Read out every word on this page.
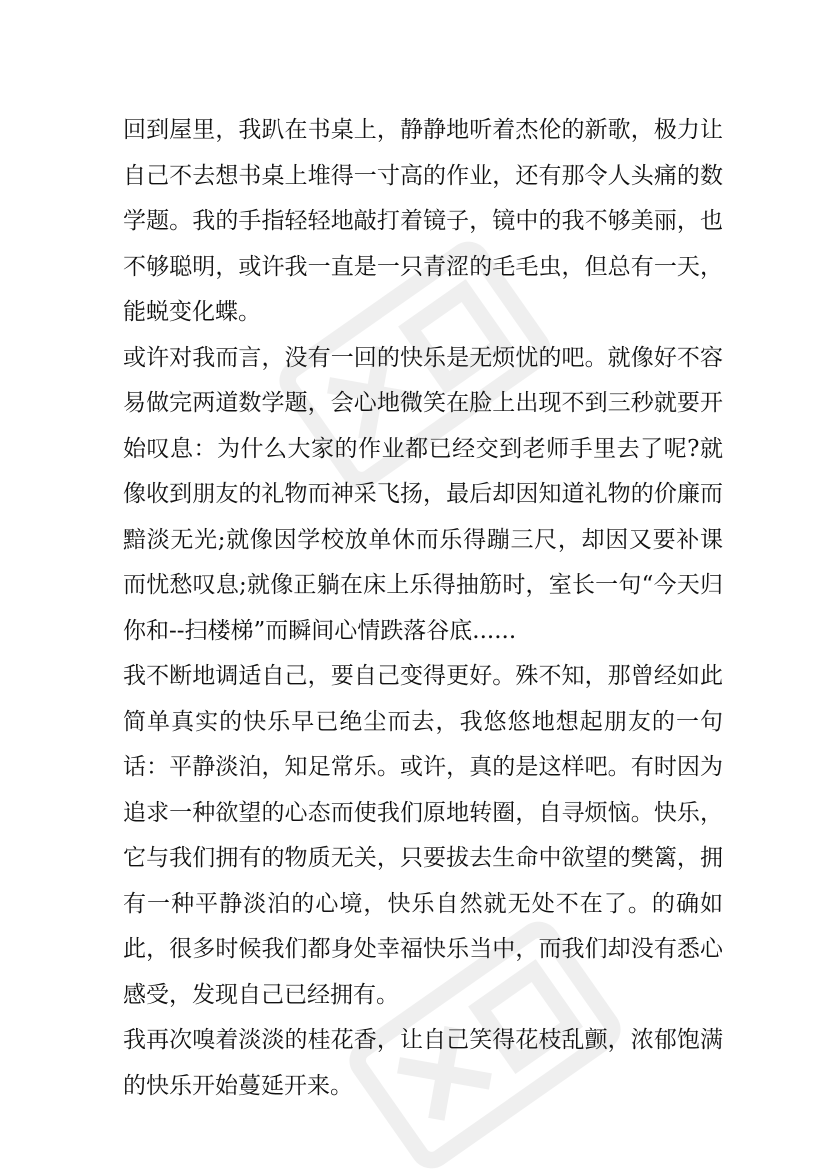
回到屋里，我趴在书桌上，静静地听着杰伦的新歌，极力让自己不去想书桌上堆得一寸高的作业，还有那令人头痛的数学题。我的手指轻轻地敲打着镜子，镜中的我不够美丽，也不够聪明，或许我一直是一只青涩的毛毛虫，但总有一天，能蜕变化蝶。

或许对我而言，没有一回的快乐是无烦忧的吧。就像好不容易做完两道数学题，会心地微笑在脸上出现不到三秒就要开始叹息：为什么大家的作业都已经交到老师手里去了呢?就像收到朋友的礼物而神采飞扬，最后却因知道礼物的价廉而黯淡无光;就像因学校放单休而乐得蹦三尺，却因又要补课而忧愁叹息;就像正躺在床上乐得抽筋时，室长一句“今天归你和--扫楼梯”而瞬间心情跌落谷底......

我不断地调适自己，要自己变得更好。殊不知，那曾经如此简单真实的快乐早已绝尘而去，我悠悠地想起朋友的一句话：平静淡泊，知足常乐。或许，真的是这样吧。有时因为追求一种欲望的心态而使我们原地转圈，自寻烦恼。快乐，它与我们拥有的物质无关，只要拔去生命中欲望的樊篱，拥有一种平静淡泊的心境，快乐自然就无处不在了。的确如此，很多时候我们都身处幸福快乐当中，而我们却没有悉心感受，发现自己已经拥有。

我再次嗅着淡淡的桂花香，让自己笑得花枝乱颤，浓郁饱满的快乐开始蔓延开来。
